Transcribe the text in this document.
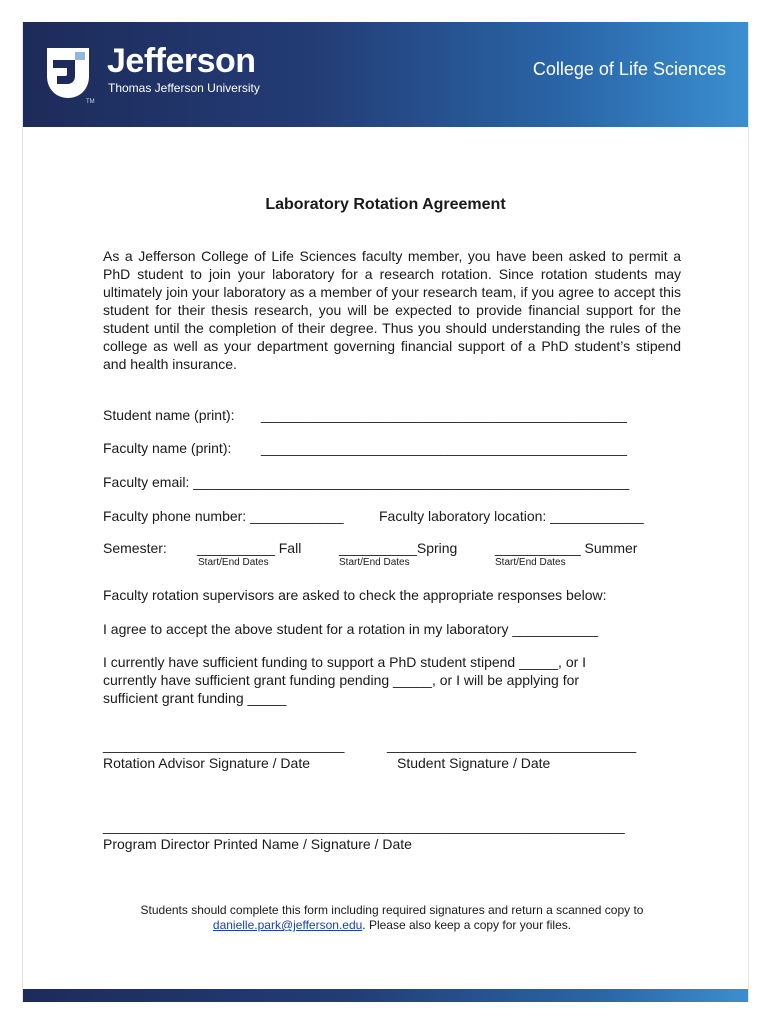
TM
Jefferson
Thomas Jefferson University
College of Life Sciences
Laboratory Rotation Agreement
As a Jefferson College of Life Sciences faculty member, you have been asked to permit a PhD student to join your laboratory for a research rotation. Since rotation students may ultimately join your laboratory as a member of your research team, if you agree to accept this student for their thesis research, you will be expected to provide financial support for the student until the completion of their degree. Thus you should understanding the rules of the college as well as your department governing financial support of a PhD student’s stipend and health insurance.
Student name (print): _______________________________________________
Faculty name (print): _______________________________________________
Faculty email: ________________________________________________________
Faculty phone number: ____________	Faculty laboratory location: ____________
Semester: __________ Fall	__________Spring	___________ Summer
Start/End Dates	Start/End Dates	Start/End Dates
Faculty rotation supervisors are asked to check the appropriate responses below:
I agree to accept the above student for a rotation in my laboratory ___________
I currently have sufficient funding to support a PhD student stipend _____, or I
currently have sufficient grant funding pending _____, or I will be applying for
sufficient grant funding _____
_______________________________	________________________________
Rotation Advisor Signature / Date	Student Signature / Date
___________________________________________________________________
Program Director Printed Name / Signature / Date
Students should complete this form including required signatures and return a scanned copy to
danielle.park@jefferson.edu. Please also keep a copy for your files.
